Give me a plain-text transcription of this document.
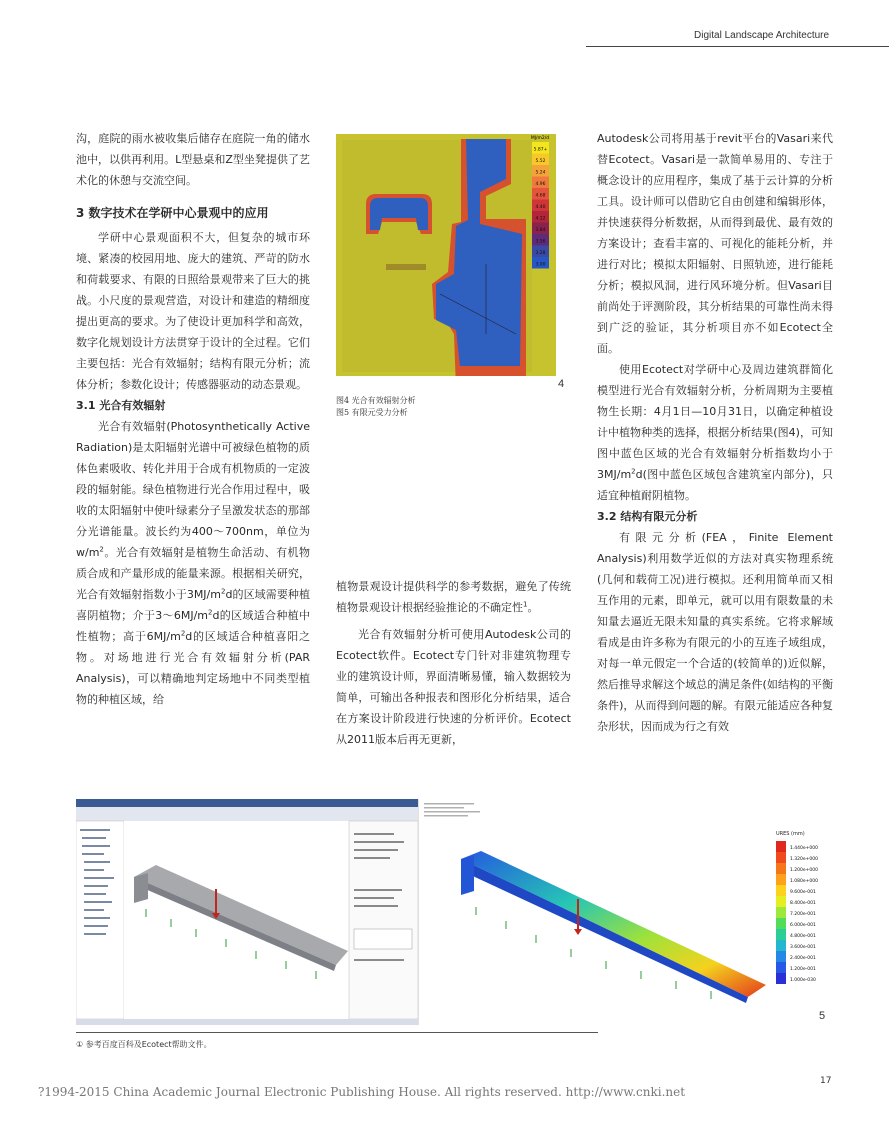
Digital Landscape Architecture

沟，庭院的雨水被收集后储存在庭院一角的储水池中，以供再利用。L型悬桌和Z型坐凳提供了艺术化的休憩与交流空间。

3 数字技术在学研中心景观中的应用

学研中心景观面积不大，但复杂的城市环境、紧凑的校园用地、庞大的建筑、严苛的防水和荷载要求、有限的日照给景观带来了巨大的挑战。小尺度的景观营造，对设计和建造的精细度提出更高的要求。为了使设计更加科学和高效，数字化规划设计方法贯穿于设计的全过程。它们主要包括：光合有效辐射；结构有限元分析；流体分析；参数化设计；传感器驱动的动态景观。

3.1 光合有效辐射

光合有效辐射(Photosynthetically Active Radiation)是太阳辐射光谱中可被绿色植物的质体色素吸收、转化并用于合成有机物质的一定波段的辐射能。绿色植物进行光合作用过程中，吸收的太阳辐射中使叶绿素分子呈激发状态的那部分光谱能量。波长约为400～700nm，单位为$w/m^2$。光合有效辐射是植物生命活动、有机物质合成和产量形成的能量来源。根据相关研究，光合有效辐射指数小于$3MJ/m^2d$的区域需要种植喜阴植物；介于$3\sim 6MJ/m^2d$的区域适合种植中性植物；高于$6MJ/m^2d$的区域适合种植喜阳之物。对场地进行光合有效辐射分析(PAR Analysis)，可以精确地判定场地中不同类型植物的种植区域，给

MJ/m2/d
5.87+
5.52
5.24
4.96
4.68
4.40
4.12
3.84
3.56
3.28
3.00
4
图4 光合有效辐射分析
图5 有限元受力分析

植物景观设计提供科学的参考数据，避免了传统植物景观设计根据经验推论的不确定性$^1$。

光合有效辐射分析可使用Autodesk公司的Ecotect软件。Ecotect专门针对非建筑物理专业的建筑设计师，界面清晰易懂，输入数据较为简单，可输出各种报表和图形化分析结果，适合在方案设计阶段进行快速的分析评价。Ecotect从2011版本后再无更新，

Autodesk公司将用基于revit平台的Vasari来代替Ecotect。Vasari是一款简单易用的、专注于概念设计的应用程序，集成了基于云计算的分析工具。设计师可以借助它自由创建和编辑形体，并快速获得分析数据，从而得到最优、最有效的方案设计；查看丰富的、可视化的能耗分析，并进行对比；模拟太阳辐射、日照轨迹，进行能耗分析；模拟风洞，进行风环境分析。但Vasari目前尚处于评测阶段，其分析结果的可靠性尚未得到广泛的验证，其分析项目亦不如Ecotect全面。

使用Ecotect对学研中心及周边建筑群简化模型进行光合有效辐射分析，分析周期为主要植物生长期：4月1日—10月31日，以确定种植设计中植物种类的选择，根据分析结果(图4)，可知图中蓝色区域的光合有效辐射分析指数均小于$3MJ/m^2d$(图中蓝色区域包含建筑室内部分)，只适宜种植耐阴植物。

3.2 结构有限元分析

有限元分析(FEA，Finite Element Analysis)利用数学近似的方法对真实物理系统(几何和载荷工况)进行模拟。还利用简单而又相互作用的元素，即单元，就可以用有限数量的未知量去逼近无限未知量的真实系统。它将求解域看成是由许多称为有限元的小的互连子域组成，对每一单元假定一个合适的(较简单的)近似解，然后推导求解这个域总的满足条件(如结构的平衡条件)，从而得到问题的解。有限元能适应各种复杂形状，因而成为行之有效

URES (mm)
1.440e+000
1.320e+000
1.200e+000
1.080e+000
9.600e-001
8.400e-001
7.200e-001
6.000e-001
4.800e-001
3.600e-001
2.400e-001
1.200e-001
1.000e-030
5
① 参考百度百科及Ecotect帮助文件。
?1994-2015 China Academic Journal Electronic Publishing House. All rights reserved. http://www.cnki.net
17
